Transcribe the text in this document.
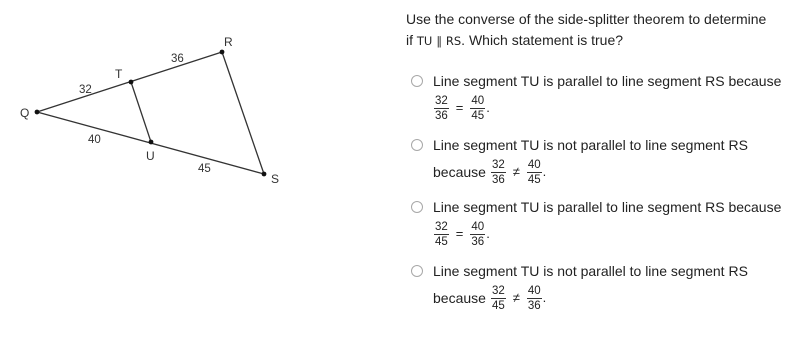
Q
T
R
U
S
32
36
40
45
Use the converse of the side-splitter theorem to determine
if TU ∥ RS. Which statement is true?
Line segment TU is parallel to line segment RS because
$\frac{32}{36} = \frac{40}{45}$ .
Line segment TU is not parallel to line segment RS
because $\frac{32}{36} \ne \frac{40}{45}$ .
Line segment TU is parallel to line segment RS because
$\frac{32}{45} = \frac{40}{36}$ .
Line segment TU is not parallel to line segment RS
because $\frac{32}{45} \ne \frac{40}{36}$ .
